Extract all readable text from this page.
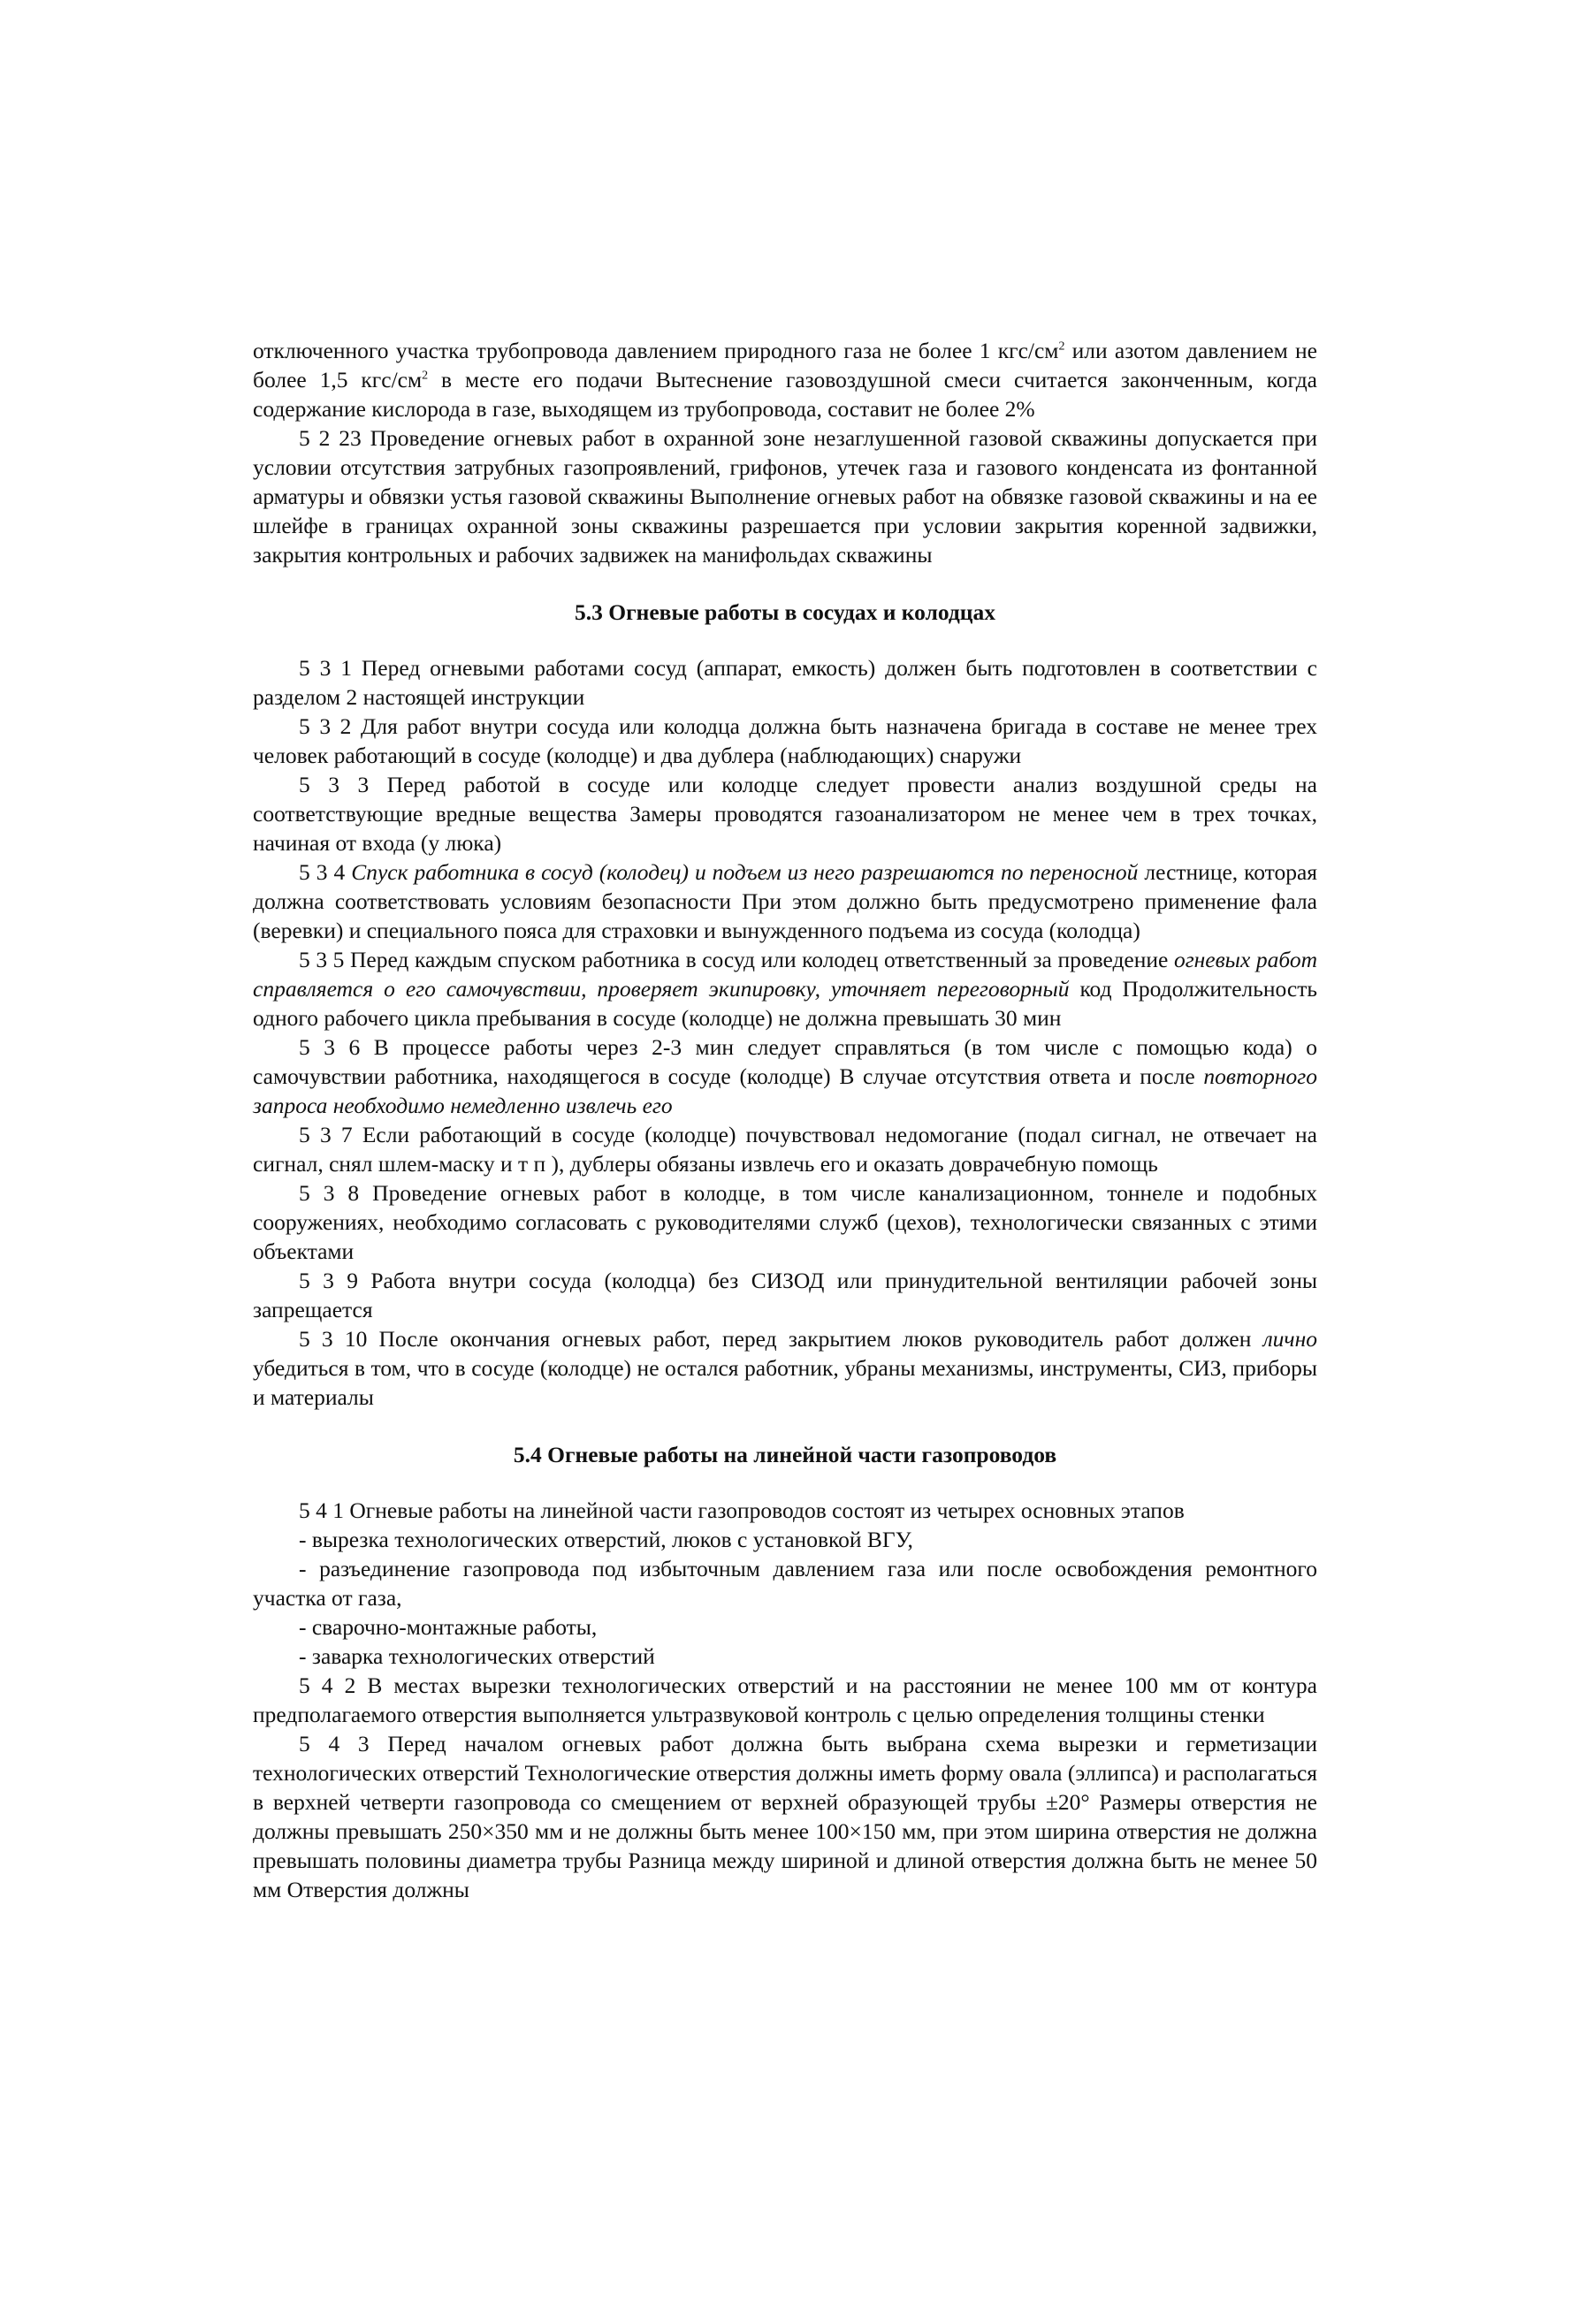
отключенного участка трубопровода давлением природного газа не более 1 кгс/$см^2$ или азотом давлением не более 1,5 кгс/$см^2$ в месте его подачи Вытеснение газовоздушной смеси считается законченным, когда содержание кислорода в газе, выходящем из трубопровода, составит не более 2%

5 2 23 Проведение огневых работ в охранной зоне незаглушенной газовой скважины допускается при условии отсутствия затрубных газопроявлений, грифонов, утечек газа и газового конденсата из фонтанной арматуры и обвязки устья газовой скважины Выполнение огневых работ на обвязке газовой скважины и на ее шлейфе в границах охранной зоны скважины разрешается при условии закрытия коренной задвижки, закрытия контрольных и рабочих задвижек на манифольдах скважины

5.3 Огневые работы в сосудах и колодцах

5 3 1 Перед огневыми работами сосуд (аппарат, емкость) должен быть подготовлен в соответствии с разделом 2 настоящей инструкции

5 3 2 Для работ внутри сосуда или колодца должна быть назначена бригада в составе не менее трех человек работающий в сосуде (колодце) и два дублера (наблюдающих) снаружи

5 3 3 Перед работой в сосуде или колодце следует провести анализ воздушной среды на соответствующие вредные вещества Замеры проводятся газоанализатором не менее чем в трех точках, начиная от входа (у люка)

5 3 4 Спуск работника в сосуд (колодец) и подъем из него разрешаются по переносной лестнице, которая должна соответствовать условиям безопасности При этом должно быть предусмотрено применение фала (веревки) и специального пояса для страховки и вынужденного подъема из сосуда (колодца)

5 3 5 Перед каждым спуском работника в сосуд или колодец ответственный за проведение огневых работ справляется о его самочувствии, проверяет экипировку, уточняет переговорный код Продолжительность одного рабочего цикла пребывания в сосуде (колодце) не должна превышать 30 мин

5 3 6 В процессе работы через 2-3 мин следует справляться (в том числе с помощью кода) о самочувствии работника, находящегося в сосуде (колодце) В случае отсутствия ответа и после повторного запроса необходимо немедленно извлечь его

5 3 7 Если работающий в сосуде (колодце) почувствовал недомогание (подал сигнал, не отвечает на сигнал, снял шлем-маску и т п ), дублеры обязаны извлечь его и оказать доврачебную помощь

5 3 8 Проведение огневых работ в колодце, в том числе канализационном, тоннеле и подобных сооружениях, необходимо согласовать с руководителями служб (цехов), технологически связанных с этими объектами

5 3 9 Работа внутри сосуда (колодца) без СИЗОД или принудительной вентиляции рабочей зоны запрещается

5 3 10 После окончания огневых работ, перед закрытием люков руководитель работ должен лично убедиться в том, что в сосуде (колодце) не остался работник, убраны механизмы, инструменты, СИЗ, приборы и материалы

5.4 Огневые работы на линейной части газопроводов

5 4 1 Огневые работы на линейной части газопроводов состоят из четырех основных этапов

- вырезка технологических отверстий, люков с установкой ВГУ,

- разъединение газопровода под избыточным давлением газа или после освобождения ремонтного участка от газа,

- сварочно-монтажные работы,

- заварка технологических отверстий

5 4 2 В местах вырезки технологических отверстий и на расстоянии не менее 100 мм от контура предполагаемого отверстия выполняется ультразвуковой контроль с целью определения толщины стенки

5 4 3 Перед началом огневых работ должна быть выбрана схема вырезки и герметизации технологических отверстий Технологические отверстия должны иметь форму овала (эллипса) и располагаться в верхней четверти газопровода со смещением от верхней образующей трубы ±20° Размеры отверстия не должны превышать 250×350 мм и не должны быть менее 100×150 мм, при этом ширина отверстия не должна превышать половины диаметра трубы Разница между шириной и длиной отверстия должна быть не менее 50 мм Отверстия должны
